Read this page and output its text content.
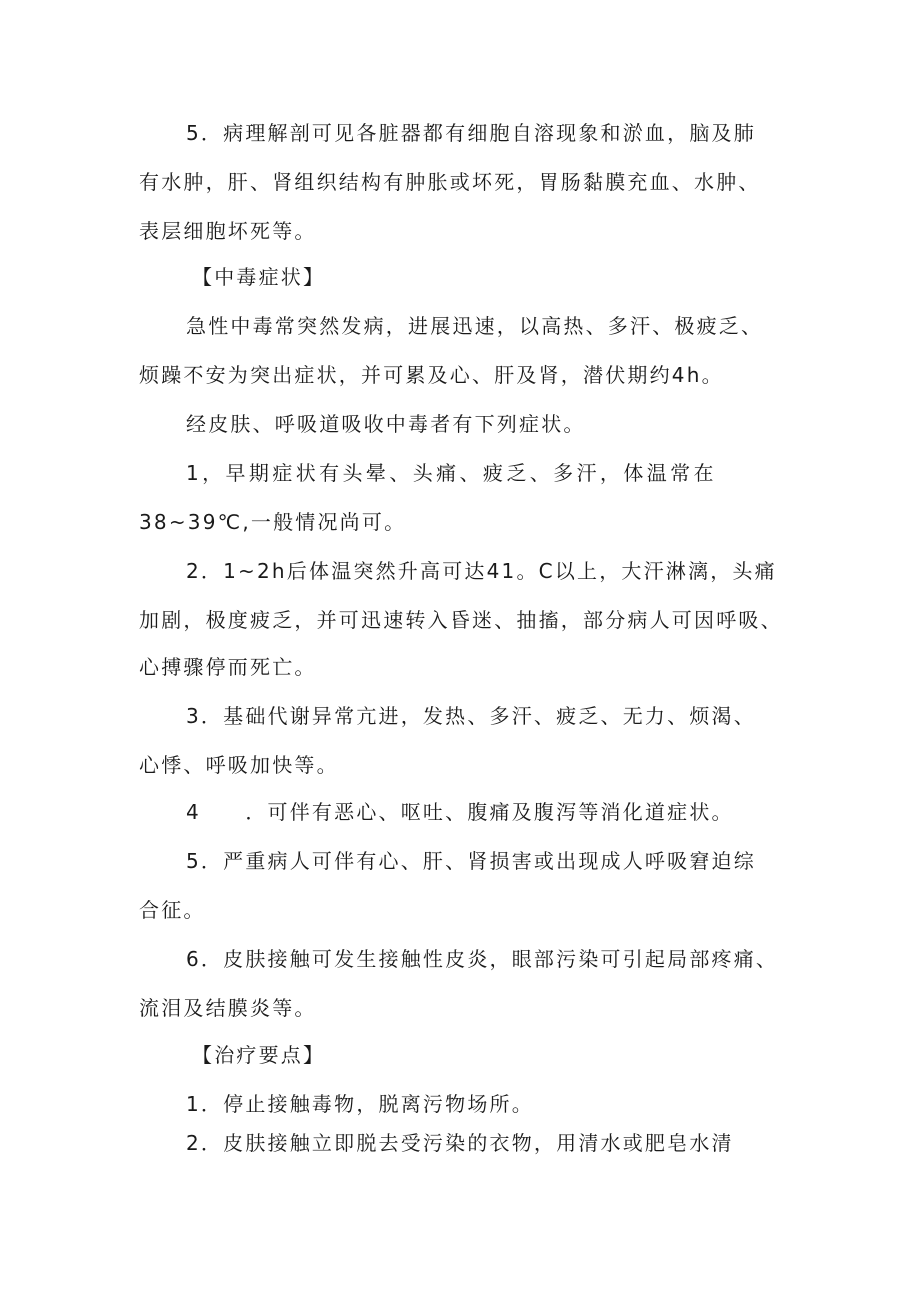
5．病理解剖可见各脏器都有细胞自溶现象和淤血，脑及肺
有水肿，肝、肾组织结构有肿胀或坏死，胃肠黏膜充血、水肿、
表层细胞坏死等。
【中毒症状】
急性中毒常突然发病，进展迅速，以高热、多汗、极疲乏、
烦躁不安为突出症状，并可累及心、肝及肾，潜伏期约4h。
经皮肤、呼吸道吸收中毒者有下列症状。
1，早期症状有头晕、头痛、疲乏、多汗，体温常在
38~39℃,一般情况尚可。
2．1~2h后体温突然升高可达41。C以上，大汗淋漓，头痛
加剧，极度疲乏，并可迅速转入昏迷、抽搐，部分病人可因呼吸、
心搏骤停而死亡。
3．基础代谢异常亢进，发热、多汗、疲乏、无力、烦渴、
心悸、呼吸加快等。
4　　．可伴有恶心、呕吐、腹痛及腹泻等消化道症状。
5．严重病人可伴有心、肝、肾损害或出现成人呼吸窘迫综
合征。
6．皮肤接触可发生接触性皮炎，眼部污染可引起局部疼痛、
流泪及结膜炎等。
【治疗要点】
1．停止接触毒物，脱离污物场所。
2．皮肤接触立即脱去受污染的衣物，用清水或肥皂水清
